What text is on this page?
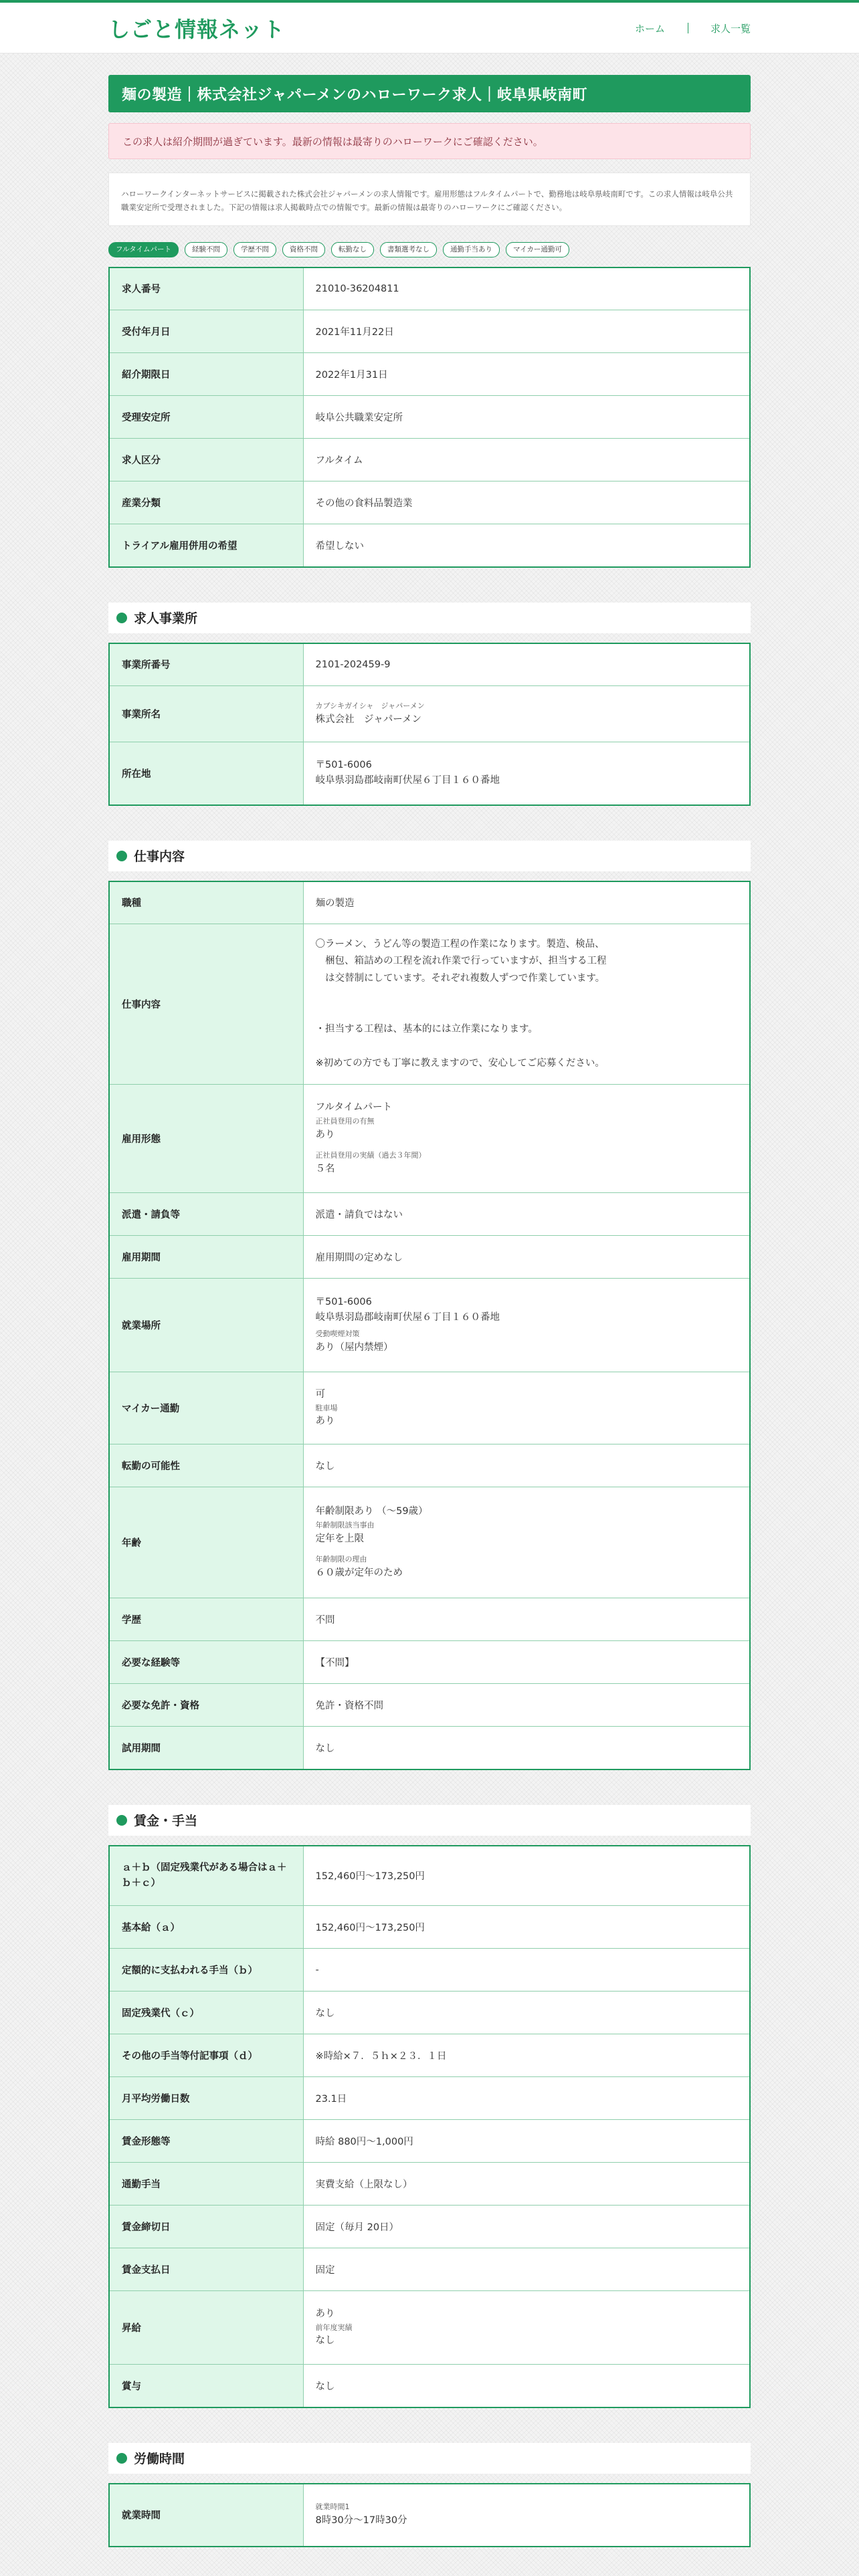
しごと情報ネット	ホーム	求人一覧
麺の製造｜株式会社ジャパーメンのハローワーク求人｜岐阜県岐南町
この求人は紹介期間が過ぎています。最新の情報は最寄りのハローワークにご確認ください。
ハローワークインターネットサービスに掲載された株式会社ジャパーメンの求人情報です。雇用形態はフルタイムパートで、勤務地は岐阜県岐南町です。この求人情報は岐阜公共職業安定所で受理されました。下記の情報は求人掲載時点での情報です。最新の情報は最寄りのハローワークにご確認ください。
フルタイムパート	経験不問	学歴不問	資格不問	転勤なし	書類選考なし	通勤手当あり	マイカー通勤可
求人番号	21010-36204811
受付年月日	2021年11月22日
紹介期限日	2022年1月31日
受理安定所	岐阜公共職業安定所
求人区分	フルタイム
産業分類	その他の食料品製造業
トライアル雇用併用の希望	希望しない
求人事業所
事業所番号	2101-202459-9
事業所名	カブシキガイシャ　ジャパーメン
株式会社　ジャパーメン

所在地	〒501-6006
岐阜県羽島郡岐南町伏屋６丁目１６０番地
仕事内容
職種	麺の製造
仕事内容	〇ラーメン、うどん等の製造工程の作業になります。製造、検品、
　梱包、箱詰めの工程を流れ作業で行っていますが、担当する工程
　は交替制にしています。それぞれ複数人ずつで作業しています。

・担当する工程は、基本的には立作業になります。

※初めての方でも丁寧に教えますので、安心してご応募ください。

雇用形態	フルタイムパート
正社員登用の有無
あり
正社員登用の実績（過去３年間）
５名

派遣・請負等	派遣・請負ではない
雇用期間	雇用期間の定めなし
就業場所	〒501-6006
岐阜県羽島郡岐南町伏屋６丁目１６０番地
受動喫煙対策
あり（屋内禁煙）

マイカー通勤	可
駐車場
あり

転勤の可能性	なし
年齢	年齢制限あり （～59歳）
年齢制限該当事由
定年を上限
年齢制限の理由
６０歳が定年のため

学歴	不問
必要な経験等	【不問】
必要な免許・資格	免許・資格不問
試用期間	なし
賃金・手当
ａ＋ｂ（固定残業代がある場合はａ＋ｂ＋ｃ）	152,460円〜173,250円
基本給（ａ）	152,460円〜173,250円
定額的に支払われる手当（ｂ）	-
固定残業代（ｃ）	なし
その他の手当等付記事項（ｄ）	※時給×７．５ｈ×２３．１日
月平均労働日数	23.1日
賃金形態等	時給 880円〜1,000円
通勤手当	実費支給（上限なし）
賃金締切日	固定（毎月 20日）
賃金支払日	固定
昇給	あり
前年度実績
なし

賞与	なし
労働時間
就業時間	
就業時間1
8時30分〜17時30分
